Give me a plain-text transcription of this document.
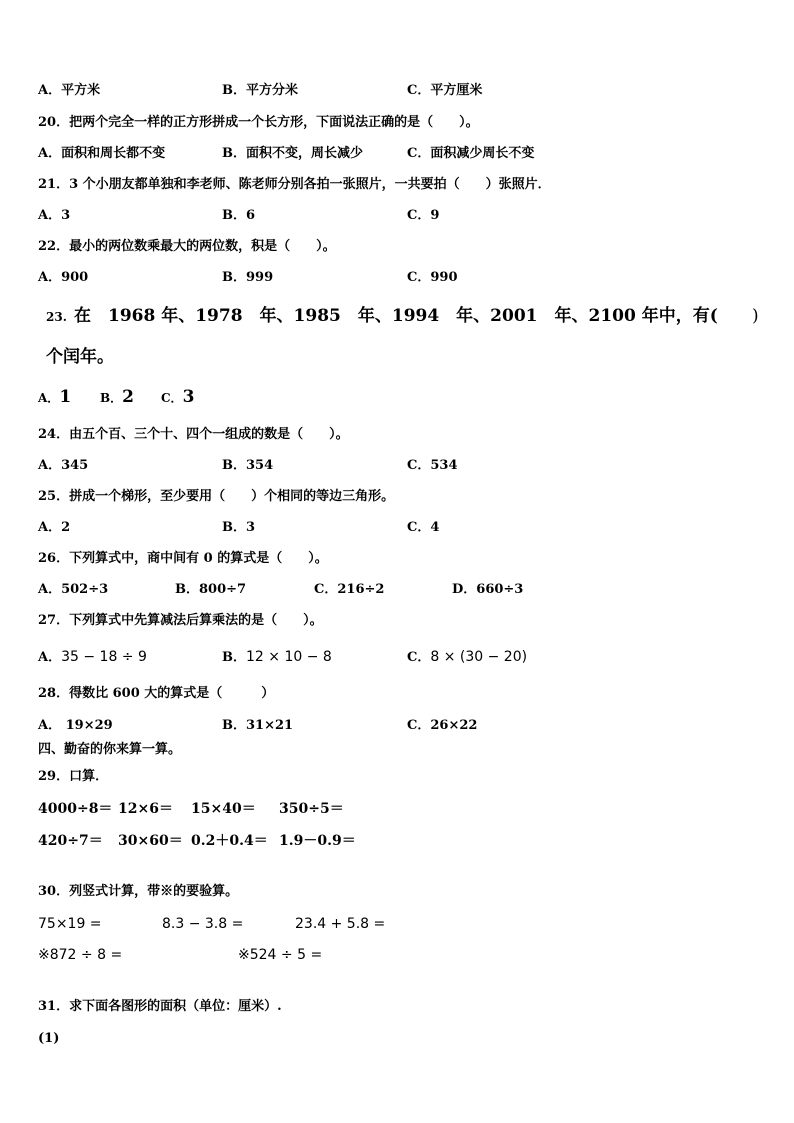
A．平方米	B．平方分米	C．平方厘米
20．把两个完全一样的正方形拼成一个长方形，下面说法正确的是（　　）。
A．面积和周长都不变	B．面积不变，周长减少	C．面积减少周长不变
21．3 个小朋友都单独和李老师、陈老师分别各拍一张照片，一共要拍（　　）张照片．
A．3	B．6	C．9
22．最小的两位数乘最大的两位数，积是（　　）。
A．900	B．999	C．990
23. 在　1968 年、1978　年、1985　年、1994　年、2001　年、2100 年中，有( )
个闰年。
A．1 B．2 C．3
24．由五个百、三个十、四个一组成的数是（　　）。
A．345	B．354	C．534
25．拼成一个梯形，至少要用（　　）个相同的等边三角形。
A．2	B．3	C．4
26．下列算式中，商中间有 0 的算式是（　　）。
A．502÷3	B．800÷7	C．216÷2	D．660÷3
27．下列算式中先算减法后算乘法的是（　　）。
A．35 − 18 ÷ 9	B．12 × 10 − 8	C．8 × (30 − 20)
28．得数比 600 大的算式是（　　　）
A． 19×29	B．31×21	C．26×22
四、勤奋的你来算一算。
29．口算．
4000÷8＝ 12×6＝ 15×40＝ 350÷5＝
420÷7＝ 30×60＝ 0.2＋0.4＝ 1.9－0.9＝
30．列竖式计算，带※的要验算。
75×19 =	8.3 − 3.8 =	23.4 + 5.8 =
※872 ÷ 8 =	※524 ÷ 5 =
31．求下面各图形的面积（单位：厘米）.
(1)
